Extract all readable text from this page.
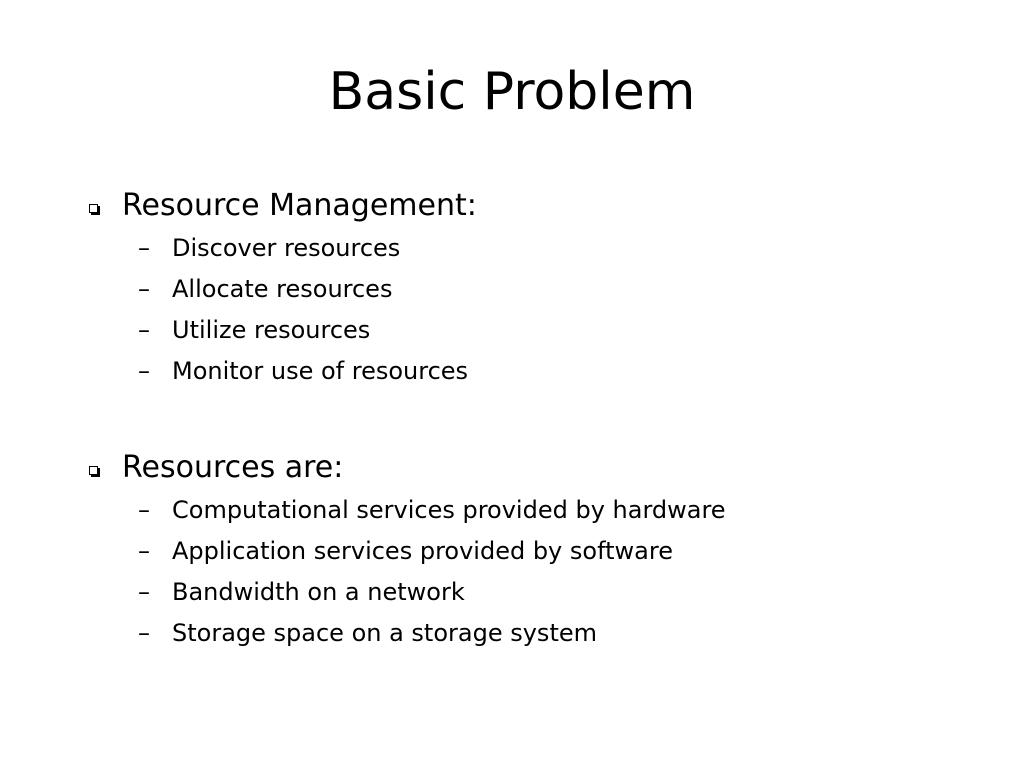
Basic Problem
Resource Management:
– Discover resources
– Allocate resources
– Utilize resources
– Monitor use of resources
Resources are:
– Computational services provided by hardware
– Application services provided by software
– Bandwidth on a network
– Storage space on a storage system
